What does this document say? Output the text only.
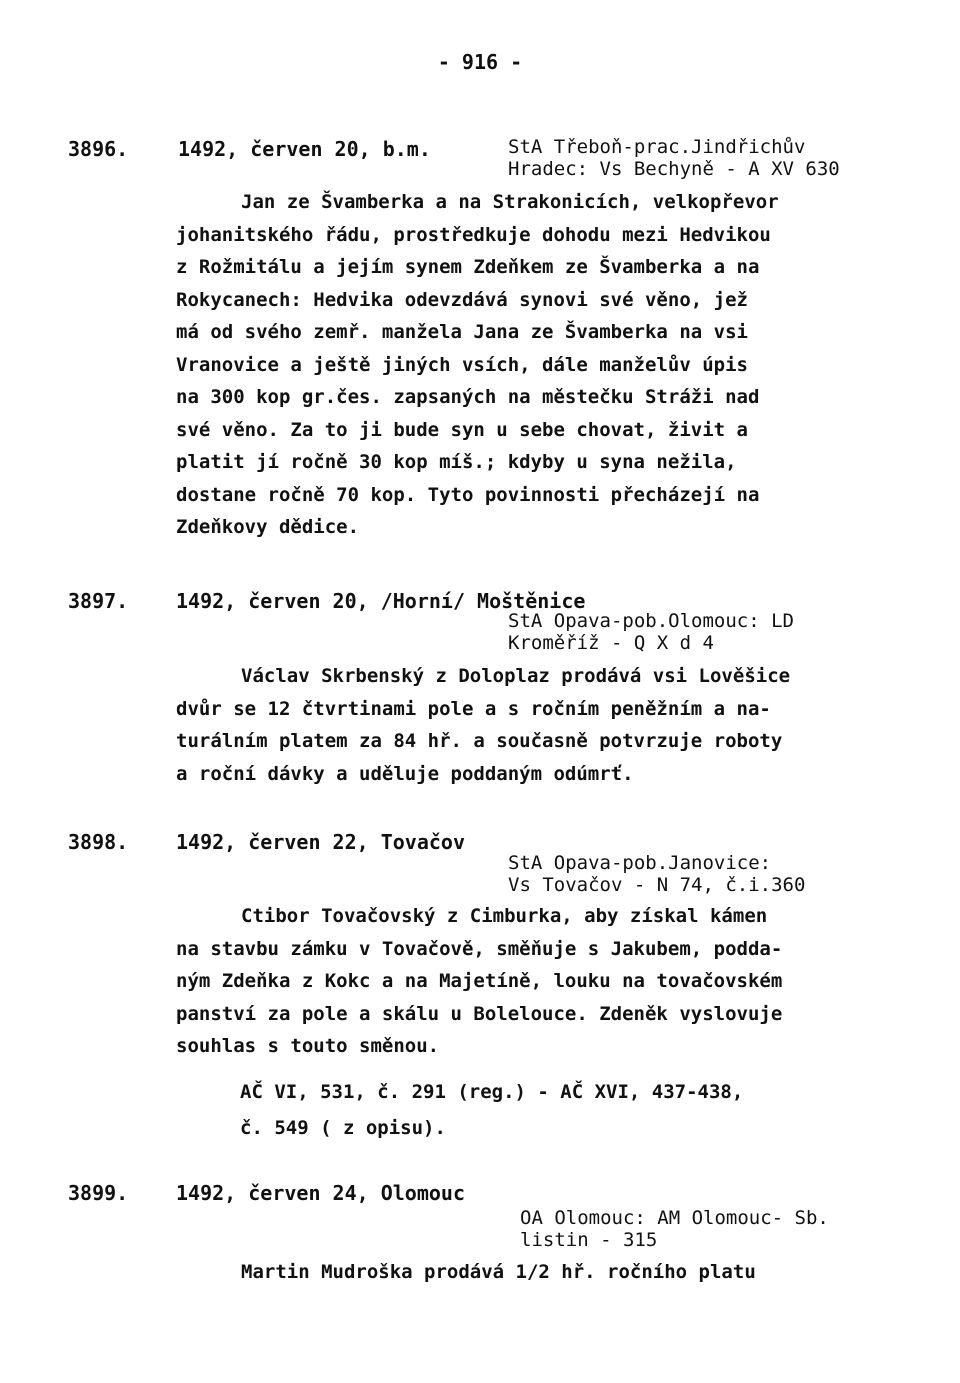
- 916 -
3896. 1492, červen 20, b.m.	StA Třeboň-prac.Jindřichův
Hradec: Vs Bechyně - A XV 630
Jan ze Švamberka a na Strakonicích, velkopřevor
johanitského řádu, prostředkuje dohodu mezi Hedvikou
z Rožmitálu a jejím synem Zdeňkem ze Švamberka a na
Rokycanech: Hedvika odevzdává synovi své věno, jež
má od svého zemř. manžela Jana ze Švamberka na vsi
Vranovice a ještě jiných vsích, dále manželův úpis
na 300 kop gr.čes. zapsaných na městečku Stráži nad
své věno. Za to ji bude syn u sebe chovat, živit a
platit jí ročně 30 kop míš.; kdyby u syna nežila,
dostane ročně 70 kop. Tyto povinnosti přecházejí na
Zdeňkovy dědice.
3897. 1492, červen 20, /Horní/ Moštěnice
StA Opava-pob.Olomouc: LD
Kroměříž - Q X d 4
Václav Skrbenský z Doloplaz prodává vsi Lověšice
dvůr se 12 čtvrtinami pole a s ročním peněžním a na-
turálním platem za 84 hř. a současně potvrzuje roboty
a roční dávky a uděluje poddaným odúmrť.
3898. 1492, červen 22, Tovačov
StA Opava-pob.Janovice:
Vs Tovačov - N 74, č.i.360
Ctibor Tovačovský z Cimburka, aby získal kámen
na stavbu zámku v Tovačově, směňuje s Jakubem, podda-
ným Zdeňka z Kokc a na Majetíně, louku na tovačovském
panství za pole a skálu u Bolelouce. Zdeněk vyslovuje
souhlas s touto směnou.
AČ VI, 531, č. 291 (reg.) - AČ XVI, 437-438,
č. 549 ( z opisu).
3899. 1492, červen 24, Olomouc
OA Olomouc: AM Olomouc- Sb.
listin - 315
Martin Mudroška prodává 1/2 hř. ročního platu
